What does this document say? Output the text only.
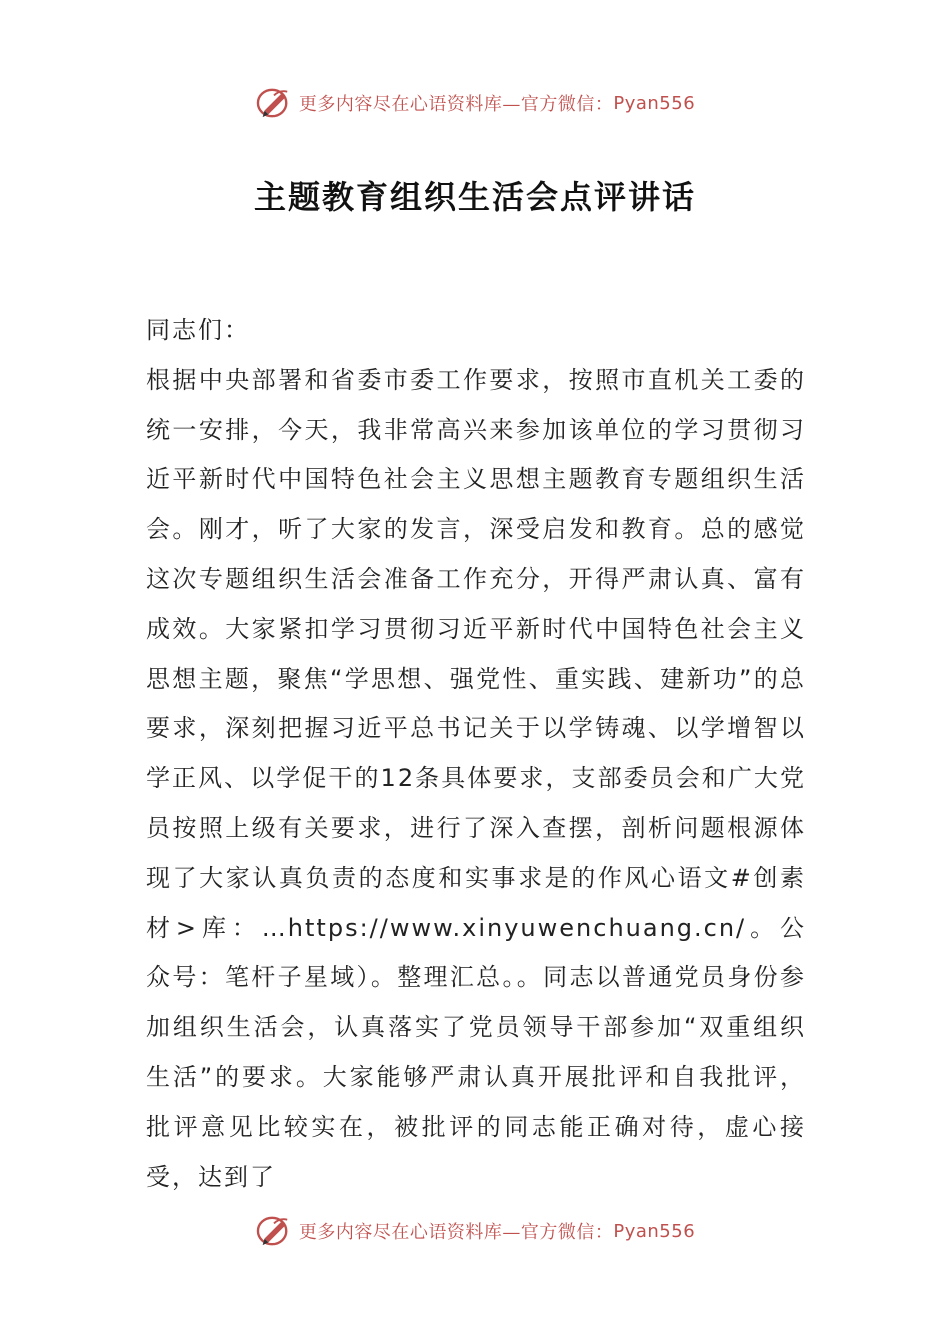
更多内容尽在心语资料库 —官方微信： Pyan556
主题教育组织生活会点评讲话

同志们：

根据中央部署和省委市委工作要求，按照市直机关工委的统一安排，今天，我非常高兴来参加该单位的学习贯彻习近平新时代中国特色社会主义思想主题教育专题组织生活会。刚才，听了大家的发言，深受启发和教育。总的感觉这次专题组织生活会准备工作充分，开得严肃认真、富有成效。大家紧扣学习贯彻习近平新时代中国特色社会主义思想主题，聚焦“学思想、强党性、重实践、建新功”的总要求，深刻把握习近平总书记关于以学铸魂、以学增智以学正风、以学促干的12条具体要求，支部委员会和广大党员按照上级有关要求，进行了深入查摆，剖析问题根源体现了大家认真负责的态度和实事求是的作风心语文#创素材>库：…https://www.xinyuwenchuang.cn/。公众号：笔杆子星域）。整理汇总。。同志以普通党员身份参加组织生活会，认真落实了党员领导干部参加“双重组织生活”的要求。大家能够严肃认真开展批评和自我批评，批评意见比较实在，被批评的同志能正确对待，虚心接受，达到了

更多内容尽在心语资料库 —官方微信： Pyan556
